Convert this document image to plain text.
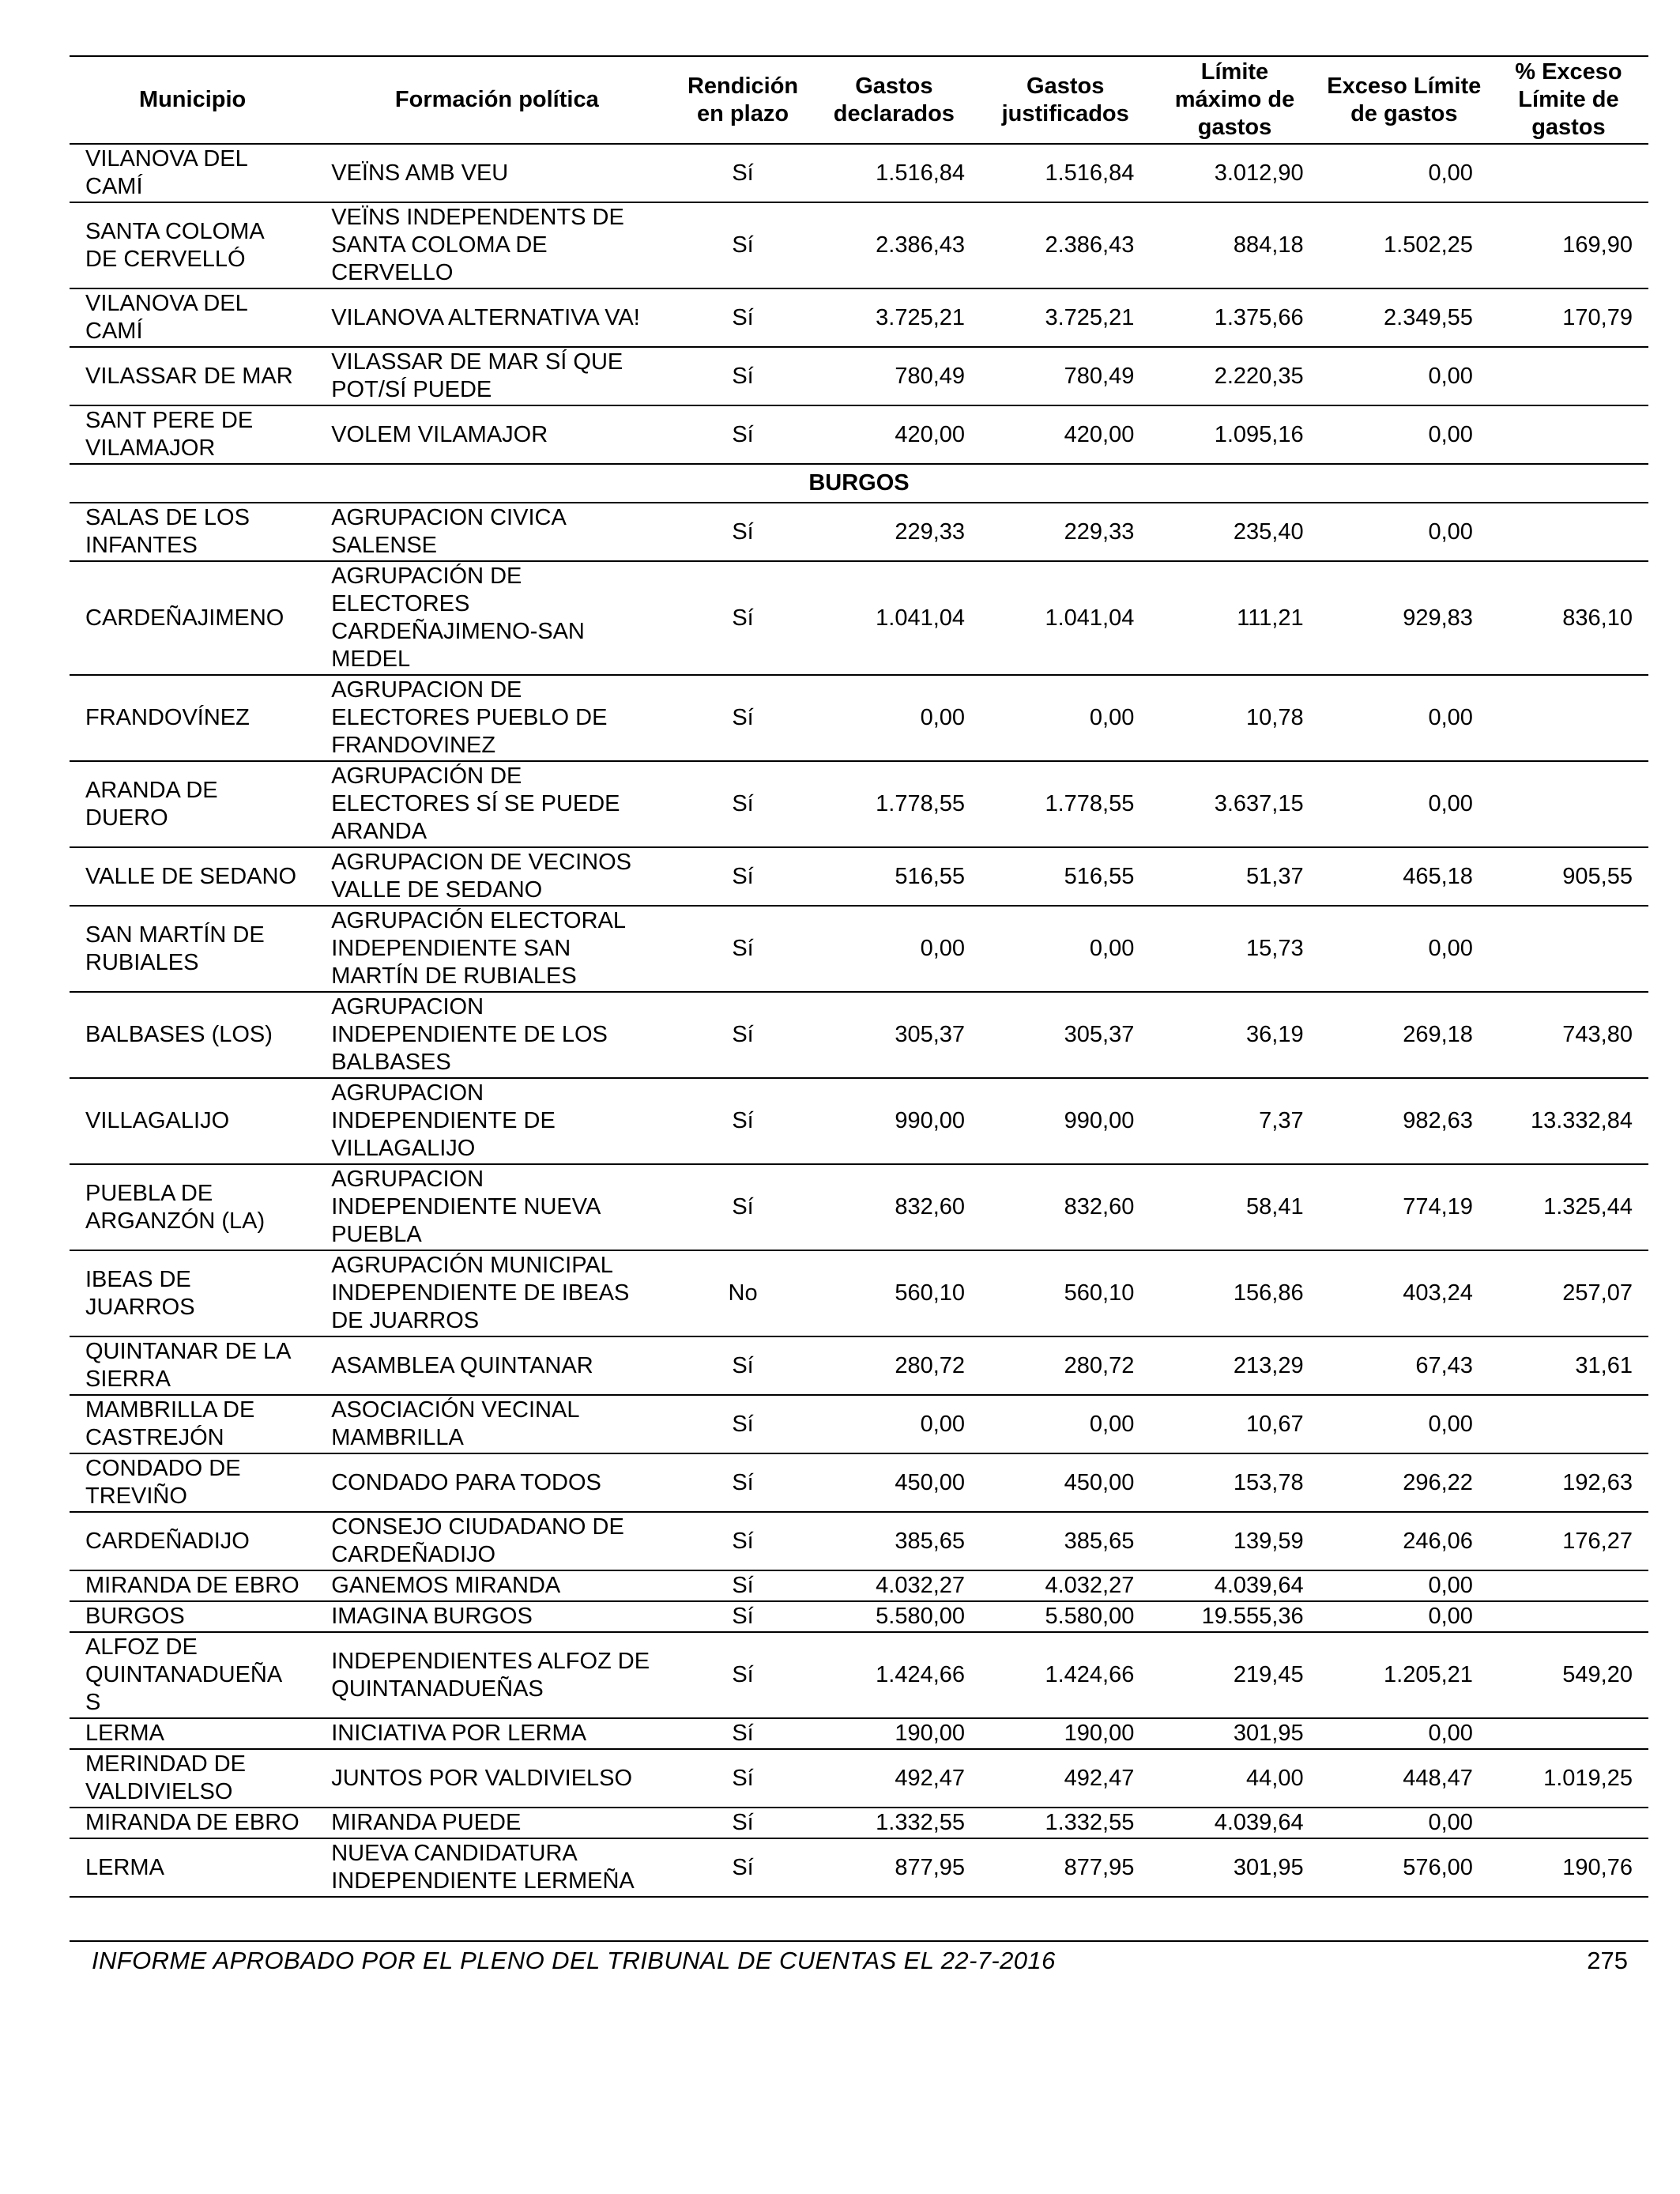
Municipio	Formación política	Rendición en plazo	Gastos declarados	Gastos justificados	Límite máximo de gastos	Exceso Límite de gastos	% Exceso Límite de gastos
VILANOVA DEL CAMÍ	VEÏNS AMB VEU	Sí	1.516,84	1.516,84	3.012,90	0,00	
SANTA COLOMA DE CERVELLÓ	VEÏNS INDEPENDENTS DE SANTA COLOMA DE CERVELLO	Sí	2.386,43	2.386,43	884,18	1.502,25	169,90
VILANOVA DEL CAMÍ	VILANOVA ALTERNATIVA VA!	Sí	3.725,21	3.725,21	1.375,66	2.349,55	170,79
VILASSAR DE MAR	VILASSAR DE MAR SÍ QUE POT/SÍ PUEDE	Sí	780,49	780,49	2.220,35	0,00	
SANT PERE DE VILAMAJOR	VOLEM VILAMAJOR	Sí	420,00	420,00	1.095,16	0,00	
BURGOS							
SALAS DE LOS INFANTES	AGRUPACION CIVICA SALENSE	Sí	229,33	229,33	235,40	0,00	
CARDEÑAJIMENO	AGRUPACIÓN DE ELECTORES CARDEÑAJIMENO-SAN MEDEL	Sí	1.041,04	1.041,04	111,21	929,83	836,10
FRANDOVÍNEZ	AGRUPACION DE ELECTORES PUEBLO DE FRANDOVINEZ	Sí	0,00	0,00	10,78	0,00	
ARANDA DE DUERO	AGRUPACIÓN DE ELECTORES SÍ SE PUEDE ARANDA	Sí	1.778,55	1.778,55	3.637,15	0,00	
VALLE DE SEDANO	AGRUPACION DE VECINOS VALLE DE SEDANO	Sí	516,55	516,55	51,37	465,18	905,55
SAN MARTÍN DE RUBIALES	AGRUPACIÓN ELECTORAL INDEPENDIENTE SAN MARTÍN DE RUBIALES	Sí	0,00	0,00	15,73	0,00	
BALBASES (LOS)	AGRUPACION INDEPENDIENTE DE LOS BALBASES	Sí	305,37	305,37	36,19	269,18	743,80
VILLAGALIJO	AGRUPACION INDEPENDIENTE DE VILLAGALIJO	Sí	990,00	990,00	7,37	982,63	13.332,84
PUEBLA DE ARGANZÓN (LA)	AGRUPACION INDEPENDIENTE NUEVA PUEBLA	Sí	832,60	832,60	58,41	774,19	1.325,44
IBEAS DE JUARROS	AGRUPACIÓN MUNICIPAL INDEPENDIENTE DE IBEAS DE JUARROS	No	560,10	560,10	156,86	403,24	257,07
QUINTANAR DE LA SIERRA	ASAMBLEA QUINTANAR	Sí	280,72	280,72	213,29	67,43	31,61
MAMBRILLA DE CASTREJÓN	ASOCIACIÓN VECINAL MAMBRILLA	Sí	0,00	0,00	10,67	0,00	
CONDADO DE TREVIÑO	CONDADO PARA TODOS	Sí	450,00	450,00	153,78	296,22	192,63
CARDEÑADIJO	CONSEJO CIUDADANO DE CARDEÑADIJO	Sí	385,65	385,65	139,59	246,06	176,27
MIRANDA DE EBRO	GANEMOS MIRANDA	Sí	4.032,27	4.032,27	4.039,64	0,00	
BURGOS	IMAGINA BURGOS	Sí	5.580,00	5.580,00	19.555,36	0,00	
ALFOZ DE QUINTANADUEÑA S	INDEPENDIENTES ALFOZ DE QUINTANADUEÑAS	Sí	1.424,66	1.424,66	219,45	1.205,21	549,20
LERMA	INICIATIVA POR LERMA	Sí	190,00	190,00	301,95	0,00	
MERINDAD DE VALDIVIELSO	JUNTOS POR VALDIVIELSO	Sí	492,47	492,47	44,00	448,47	1.019,25
MIRANDA DE EBRO	MIRANDA PUEDE	Sí	1.332,55	1.332,55	4.039,64	0,00	
LERMA	NUEVA CANDIDATURA INDEPENDIENTE LERMEÑA	Sí	877,95	877,95	301,95	576,00	190,76
INFORME APROBADO POR EL PLENO DEL TRIBUNAL DE CUENTAS EL 22-7-2016	275
